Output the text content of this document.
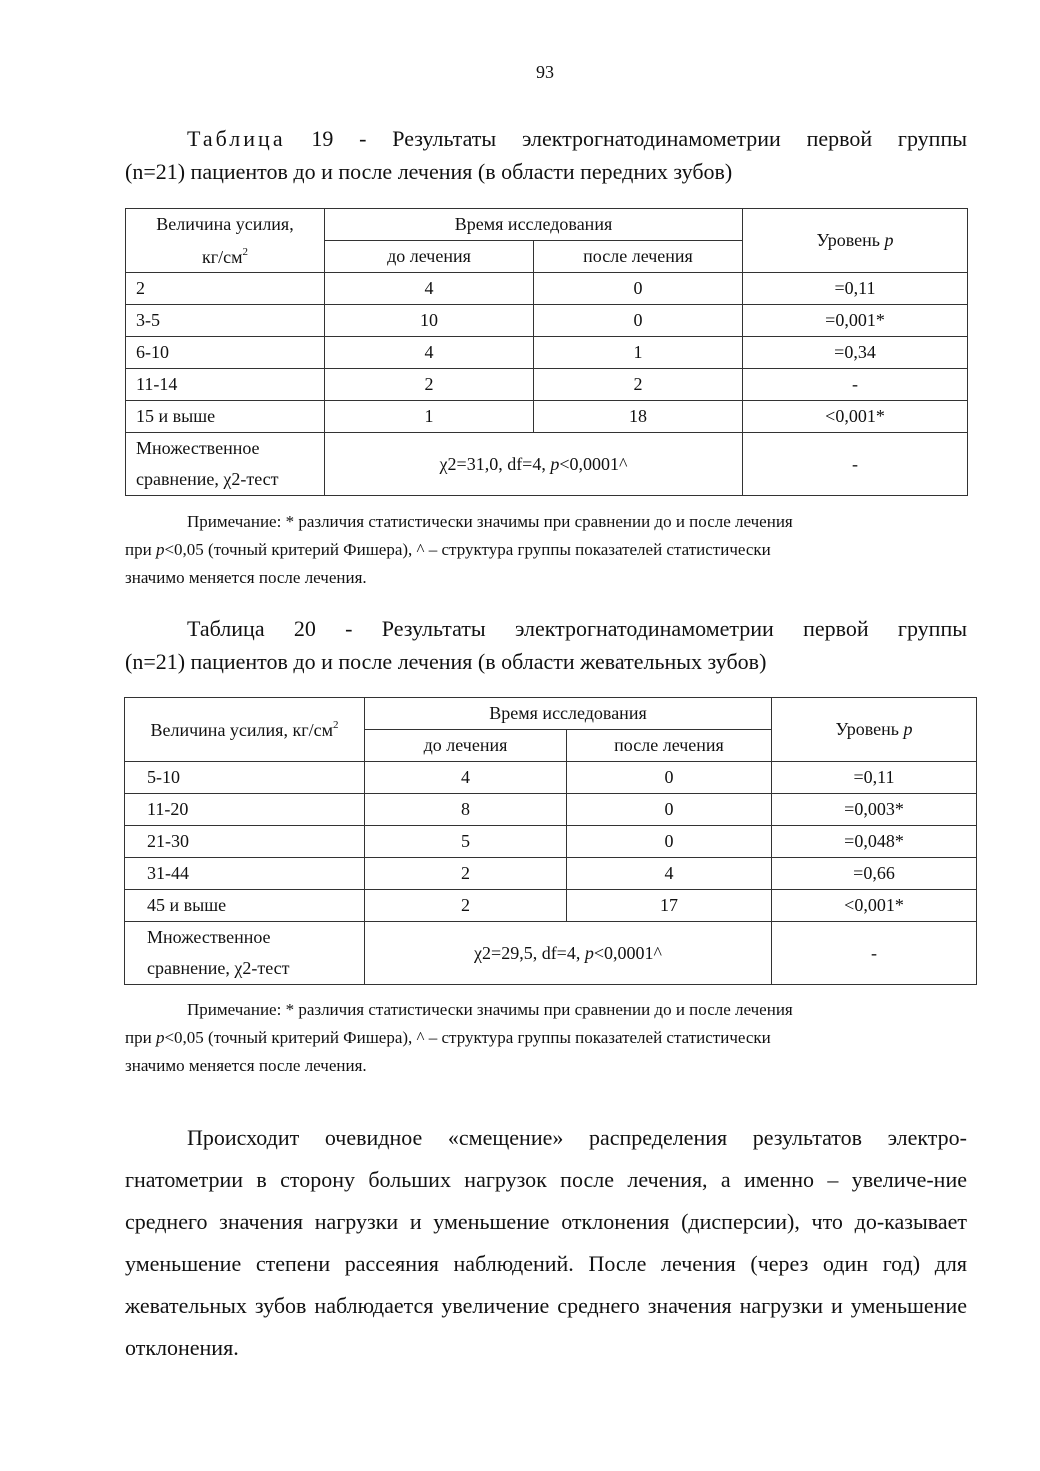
93
Таблица 19 - Результаты электрогнатодинамометрии первой группы
(n=21) пациентов до и после лечения (в области передних зубов)
Величина усилия,
$кг/см^2$	Время исследования		Уровень p
	до лечения	после лечения	
2	4	0	=0,11
3-5	10	0	=0,001*
6-10	4	1	=0,34
11-14	2	2	-
15 и выше	1	18	<0,001*
Множественное
сравнение, χ2-тест	χ2=31,0, df=4, p<0,0001^		-
Примечание: * различия статистически значимы при сравнении до и после лечения
при p<0,05 (точный критерий Фишера), ^ – структура группы показателей статистически
значимо меняется после лечения.
Таблица 20 - Результаты электрогнатодинамометрии первой группы
(n=21) пациентов до и после лечения (в области жевательных зубов)
Величина усилия, $кг/см^2$	Время исследования		Уровень p
	до лечения	после лечения	
5-10	4	0	=0,11
11-20	8	0	=0,003*
21-30	5	0	=0,048*
31-44	2	4	=0,66
45 и выше	2	17	<0,001*
Множественное
сравнение, χ2-тест	χ2=29,5, df=4, p<0,0001^		-
Примечание: * различия статистически значимы при сравнении до и после лечения
при p<0,05 (точный критерий Фишера), ^ – структура группы показателей статистически
значимо меняется после лечения.
Происходит очевидное «смещение» распределения результатов электро-гнатометрии в сторону больших нагрузок после лечения, а именно – увеличе-ние среднего значения нагрузки и уменьшение отклонения (дисперсии), что до-казывает уменьшение степени рассеяния наблюдений. После лечения (через один год) для жевательных зубов наблюдается увеличение среднего значения нагрузки и уменьшение отклонения.
